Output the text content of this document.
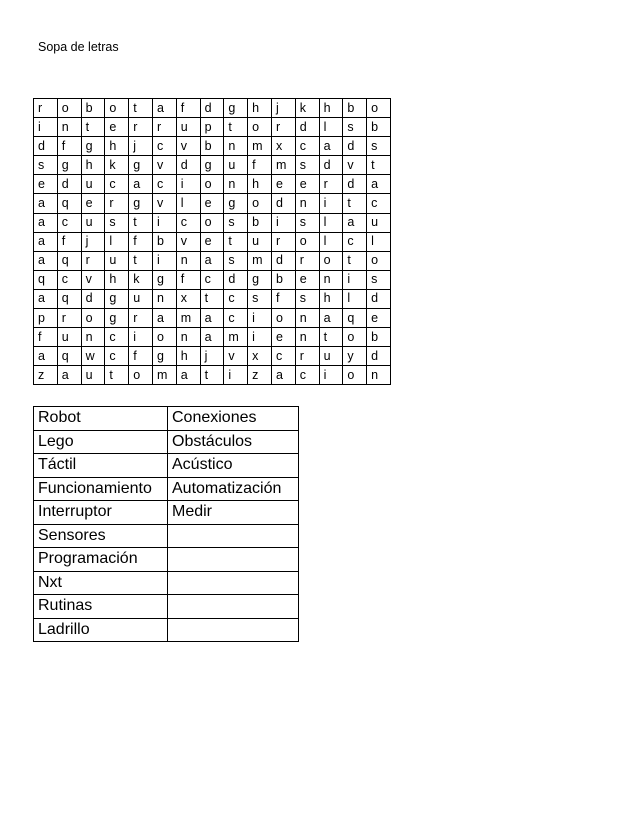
Sopa de letras
r	o	b	o	t	a	f	d	g	h	j	k	h	b	o
i	n	t	e	r	r	u	p	t	o	r	d	l	s	b
d	f	g	h	j	c	v	b	n	m	x	c	a	d	s
s	g	h	k	g	v	d	g	u	f	m	s	d	v	t
e	d	u	c	a	c	i	o	n	h	e	e	r	d	a
a	q	e	r	g	v	l	e	g	o	d	n	i	t	c
a	c	u	s	t	i	c	o	s	b	i	s	l	a	u
a	f	j	l	f	b	v	e	t	u	r	o	l	c	l
a	q	r	u	t	i	n	a	s	m	d	r	o	t	o
q	c	v	h	k	g	f	c	d	g	b	e	n	i	s
a	q	d	g	u	n	x	t	c	s	f	s	h	l	d
p	r	o	g	r	a	m	a	c	i	o	n	a	q	e
f	u	n	c	i	o	n	a	m	i	e	n	t	o	b
a	q	w	c	f	g	h	j	v	x	c	r	u	y	d
z	a	u	t	o	m	a	t	i	z	a	c	i	o	n
Robot	Conexiones
Lego	Obstáculos
Táctil	Acústico
Funcionamiento	Automatización
Interruptor	Medir
Sensores	
Programación	
Nxt	
Rutinas	
Ladrillo	
